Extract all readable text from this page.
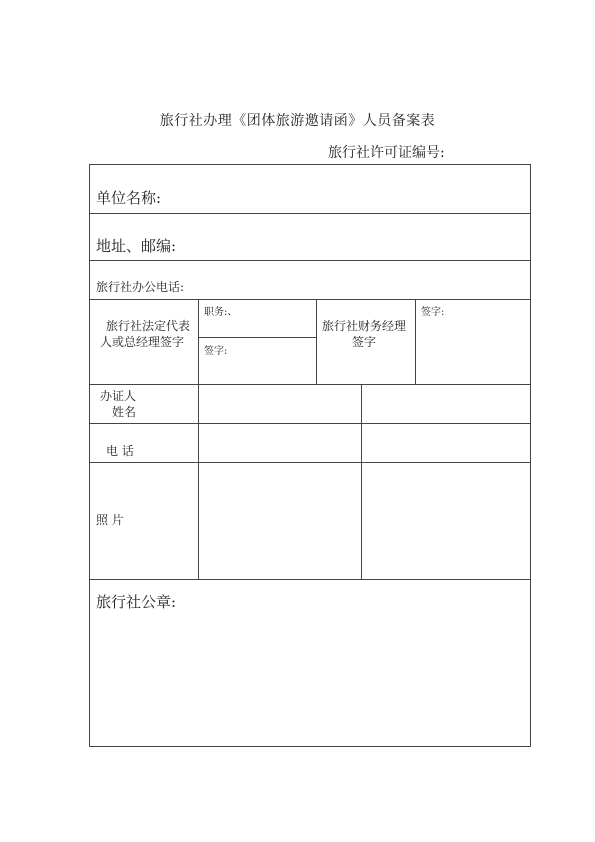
旅行社办理《团体旅游邀请函》人员备案表
旅行社许可证编号:
单位名称:
地址、邮编:
旅行社办公电话:
旅行社法定代表
人或总经理签字
职务:、
签字:
旅行社财务经理
签字
签字:
办证人
姓名
电 话
照 片
旅行社公章:
